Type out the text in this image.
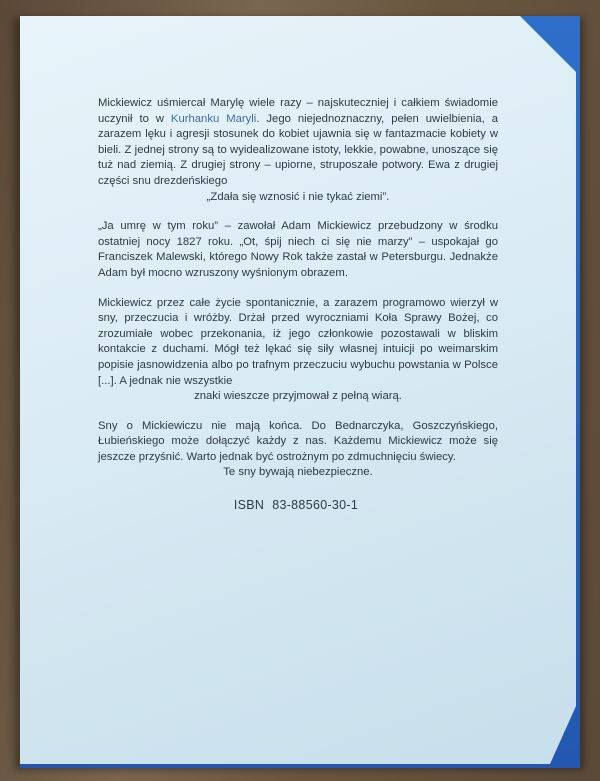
Mickiewicz uśmiercał Marylę wiele razy – najskuteczniej i całkiem świadomie uczynił to w Kurhanku Maryli. Jego niejednoznaczny, pełen uwielbienia, a zarazem lęku i agresji stosunek do kobiet ujawnia się w fantazmacie kobiety w bieli. Z jednej strony są to wyidealizowane istoty, lekkie, powabne, unoszące się tuż nad ziemią. Z drugiej strony – upiorne, struposzałe potwory. Ewa z drugiej części snu drezdeńskiego

„Zdała się wznosić i nie tykać ziemi”.

„Ja umrę w tym roku” – zawołał Adam Mickiewicz przebudzony w środku ostatniej nocy 1827 roku. „Ot, śpij niech ci się nie marzy” – uspokajał go Franciszek Malewski, którego Nowy Rok także zastał w Petersburgu. Jednakże Adam był mocno wzruszony wyśnionym obrazem.

Mickiewicz przez całe życie spontanicznie, a zarazem programowo wierzył w sny, przeczucia i wróżby. Drżał przed wyroczniami Koła Sprawy Bożej, co zrozumiałe wobec przekonania, iż jego członkowie pozostawali w bliskim kontakcie z duchami. Mógł też lękać się siły własnej intuicji po weimarskim popisie jasnowidzenia albo po trafnym przeczuciu wybuchu powstania w Polsce [...]. A jednak nie wszystkie

znaki wieszcze przyjmował z pełną wiarą.

Sny o Mickiewiczu nie mają końca. Do Bednarczyka, Goszczyńskiego, Łubieńskiego może dołączyć każdy z nas. Każdemu Mickiewicz może się jeszcze przyśnić. Warto jednak być ostrożnym po zdmuchnięciu świecy.

Te sny bywają niebezpieczne.

ISBN 83-88560-30-1
